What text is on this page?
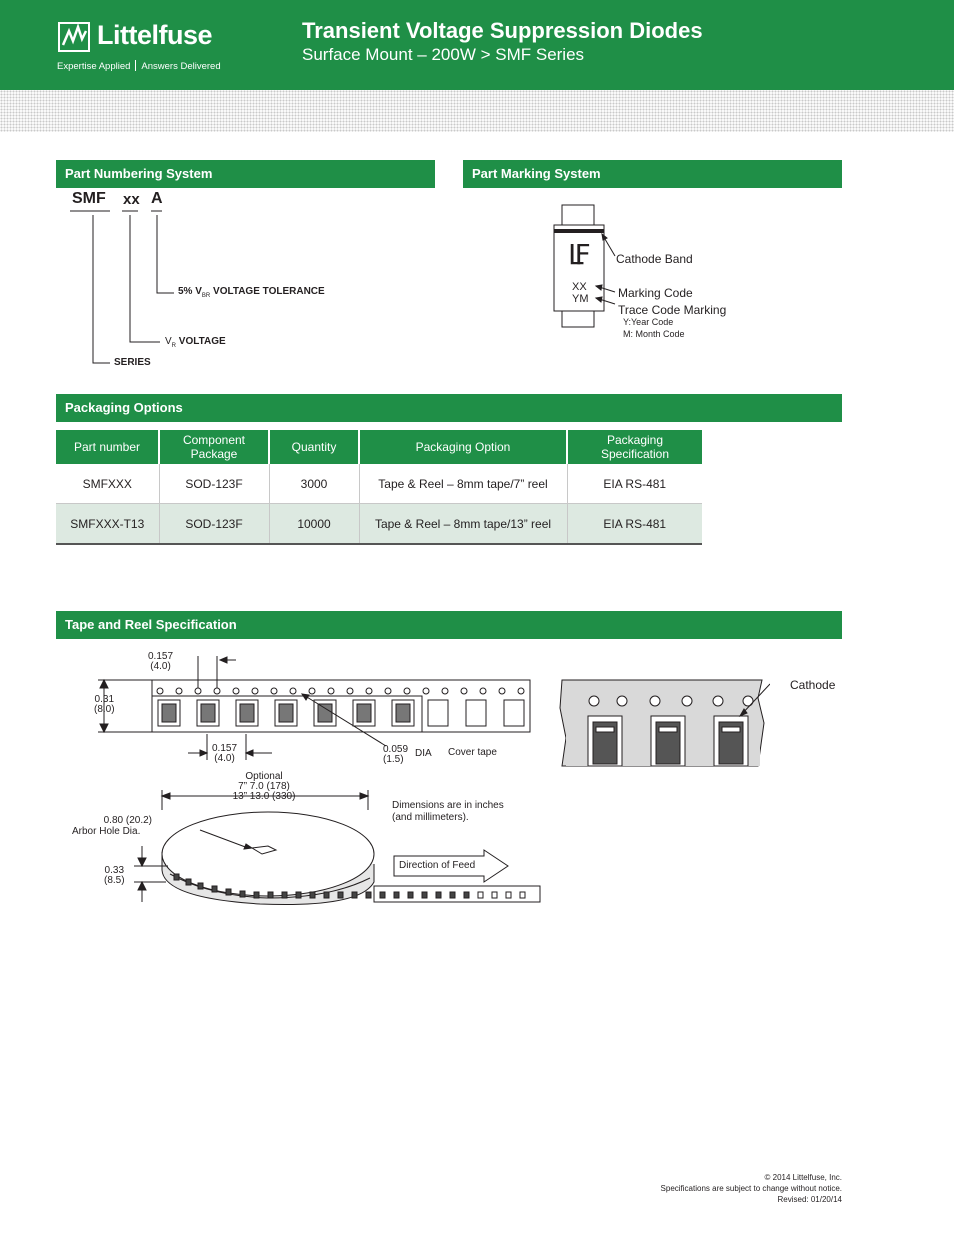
Littelfuse
Expertise Applied Answers Delivered
Transient Voltage Suppression Diodes
Surface Mount – 200W > SMF Series
Part Numbering System
SMF xx A
5% $V_{BR}$ VOLTAGE TOLERANCE
$V_R$ VOLTAGE
SERIES
Part Marking System
LF
XX
YM
Cathode Band
Marking Code
Trace Code Marking
Y:Year Code
M: Month Code
Packaging Options
Part number	Component Package	Quantity	Packaging Option	Packaging Specification
SMFXXX	SOD-123F	3000	Tape & Reel – 8mm tape/7” reel	EIA RS-481
SMFXXX-T13	SOD-123F	10000	Tape & Reel – 8mm tape/13” reel	EIA RS-481
Tape and Reel Specification
0.157
(4.0)
0.31
(8.0)
0.157
(4.0)
0.059
(1.5)
DIA Cover tape
Cathode
Optional
7” 7.0 (178)
13” 13.0 (330)
0.80 (20.2)
Arbor Hole Dia.
0.33
(8.5)
Dimensions are in inches
(and millimeters).
Direction of Feed
© 2014 Littelfuse, Inc.
Specifications are subject to change without notice.
Revised: 01/20/14
